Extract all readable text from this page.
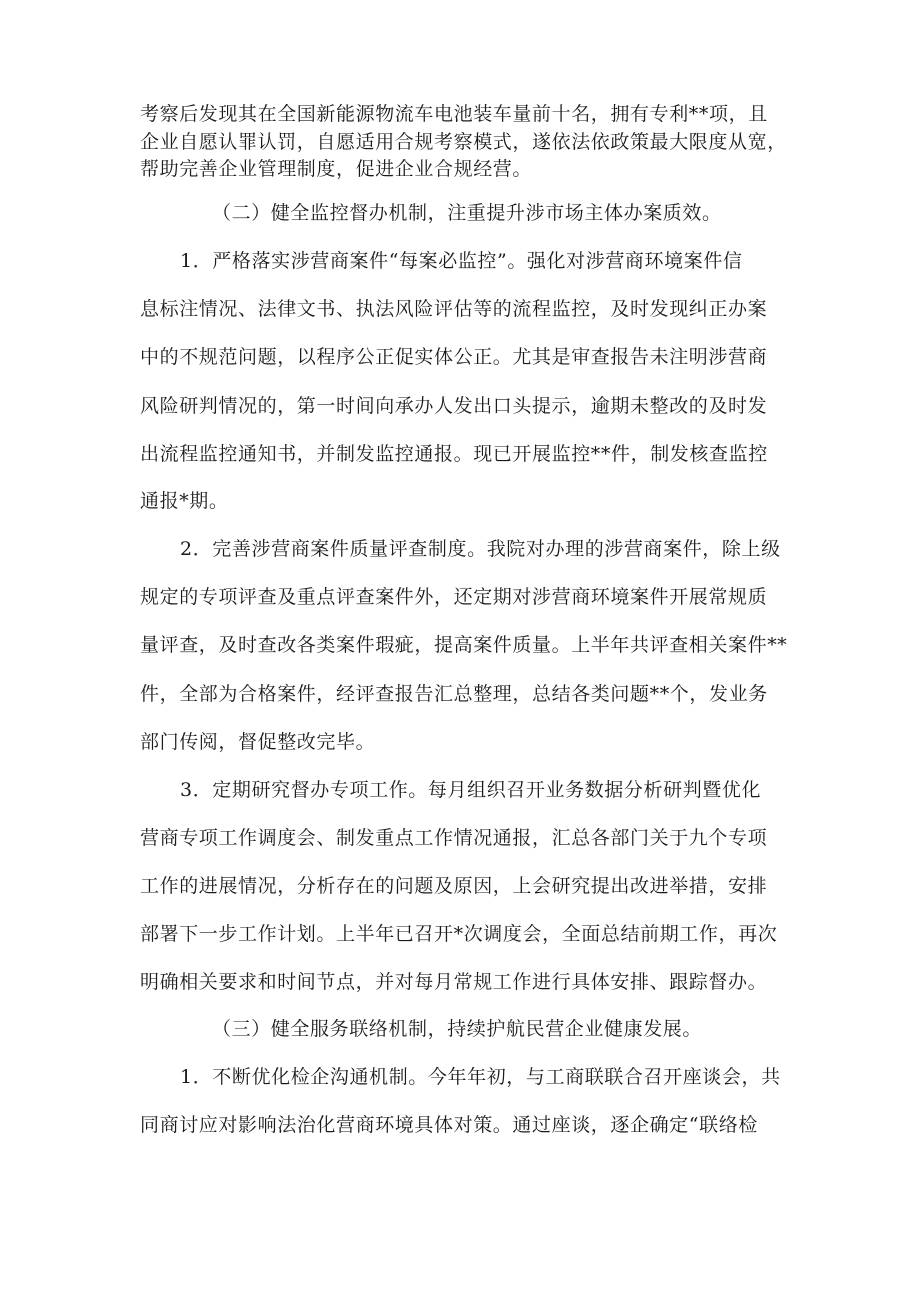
考察后发现其在全国新能源物流车电池装车量前十名，拥有专利**项，且
企业自愿认罪认罚，自愿适用合规考察模式，遂依法依政策最大限度从宽，
帮助完善企业管理制度，促进企业合规经营。
（二）健全监控督办机制，注重提升涉市场主体办案质效。
1．严格落实涉营商案件“每案必监控”。强化对涉营商环境案件信
息标注情况、法律文书、执法风险评估等的流程监控，及时发现纠正办案
中的不规范问题，以程序公正促实体公正。尤其是审查报告未注明涉营商
风险研判情况的，第一时间向承办人发出口头提示，逾期未整改的及时发
出流程监控通知书，并制发监控通报。现已开展监控**件，制发核查监控
通报*期。
2．完善涉营商案件质量评查制度。我院对办理的涉营商案件，除上级
规定的专项评查及重点评查案件外，还定期对涉营商环境案件开展常规质
量评查，及时查改各类案件瑕疵，提高案件质量。上半年共评查相关案件**
件，全部为合格案件，经评查报告汇总整理，总结各类问题**个，发业务
部门传阅，督促整改完毕。
3．定期研究督办专项工作。每月组织召开业务数据分析研判暨优化
营商专项工作调度会、制发重点工作情况通报，汇总各部门关于九个专项
工作的进展情况，分析存在的问题及原因，上会研究提出改进举措，安排
部署下一步工作计划。上半年已召开*次调度会，全面总结前期工作，再次
明确相关要求和时间节点，并对每月常规工作进行具体安排、跟踪督办。
（三）健全服务联络机制，持续护航民营企业健康发展。
1．不断优化检企沟通机制。今年年初，与工商联联合召开座谈会，共
同商讨应对影响法治化营商环境具体对策。通过座谈，逐企确定“联络检
